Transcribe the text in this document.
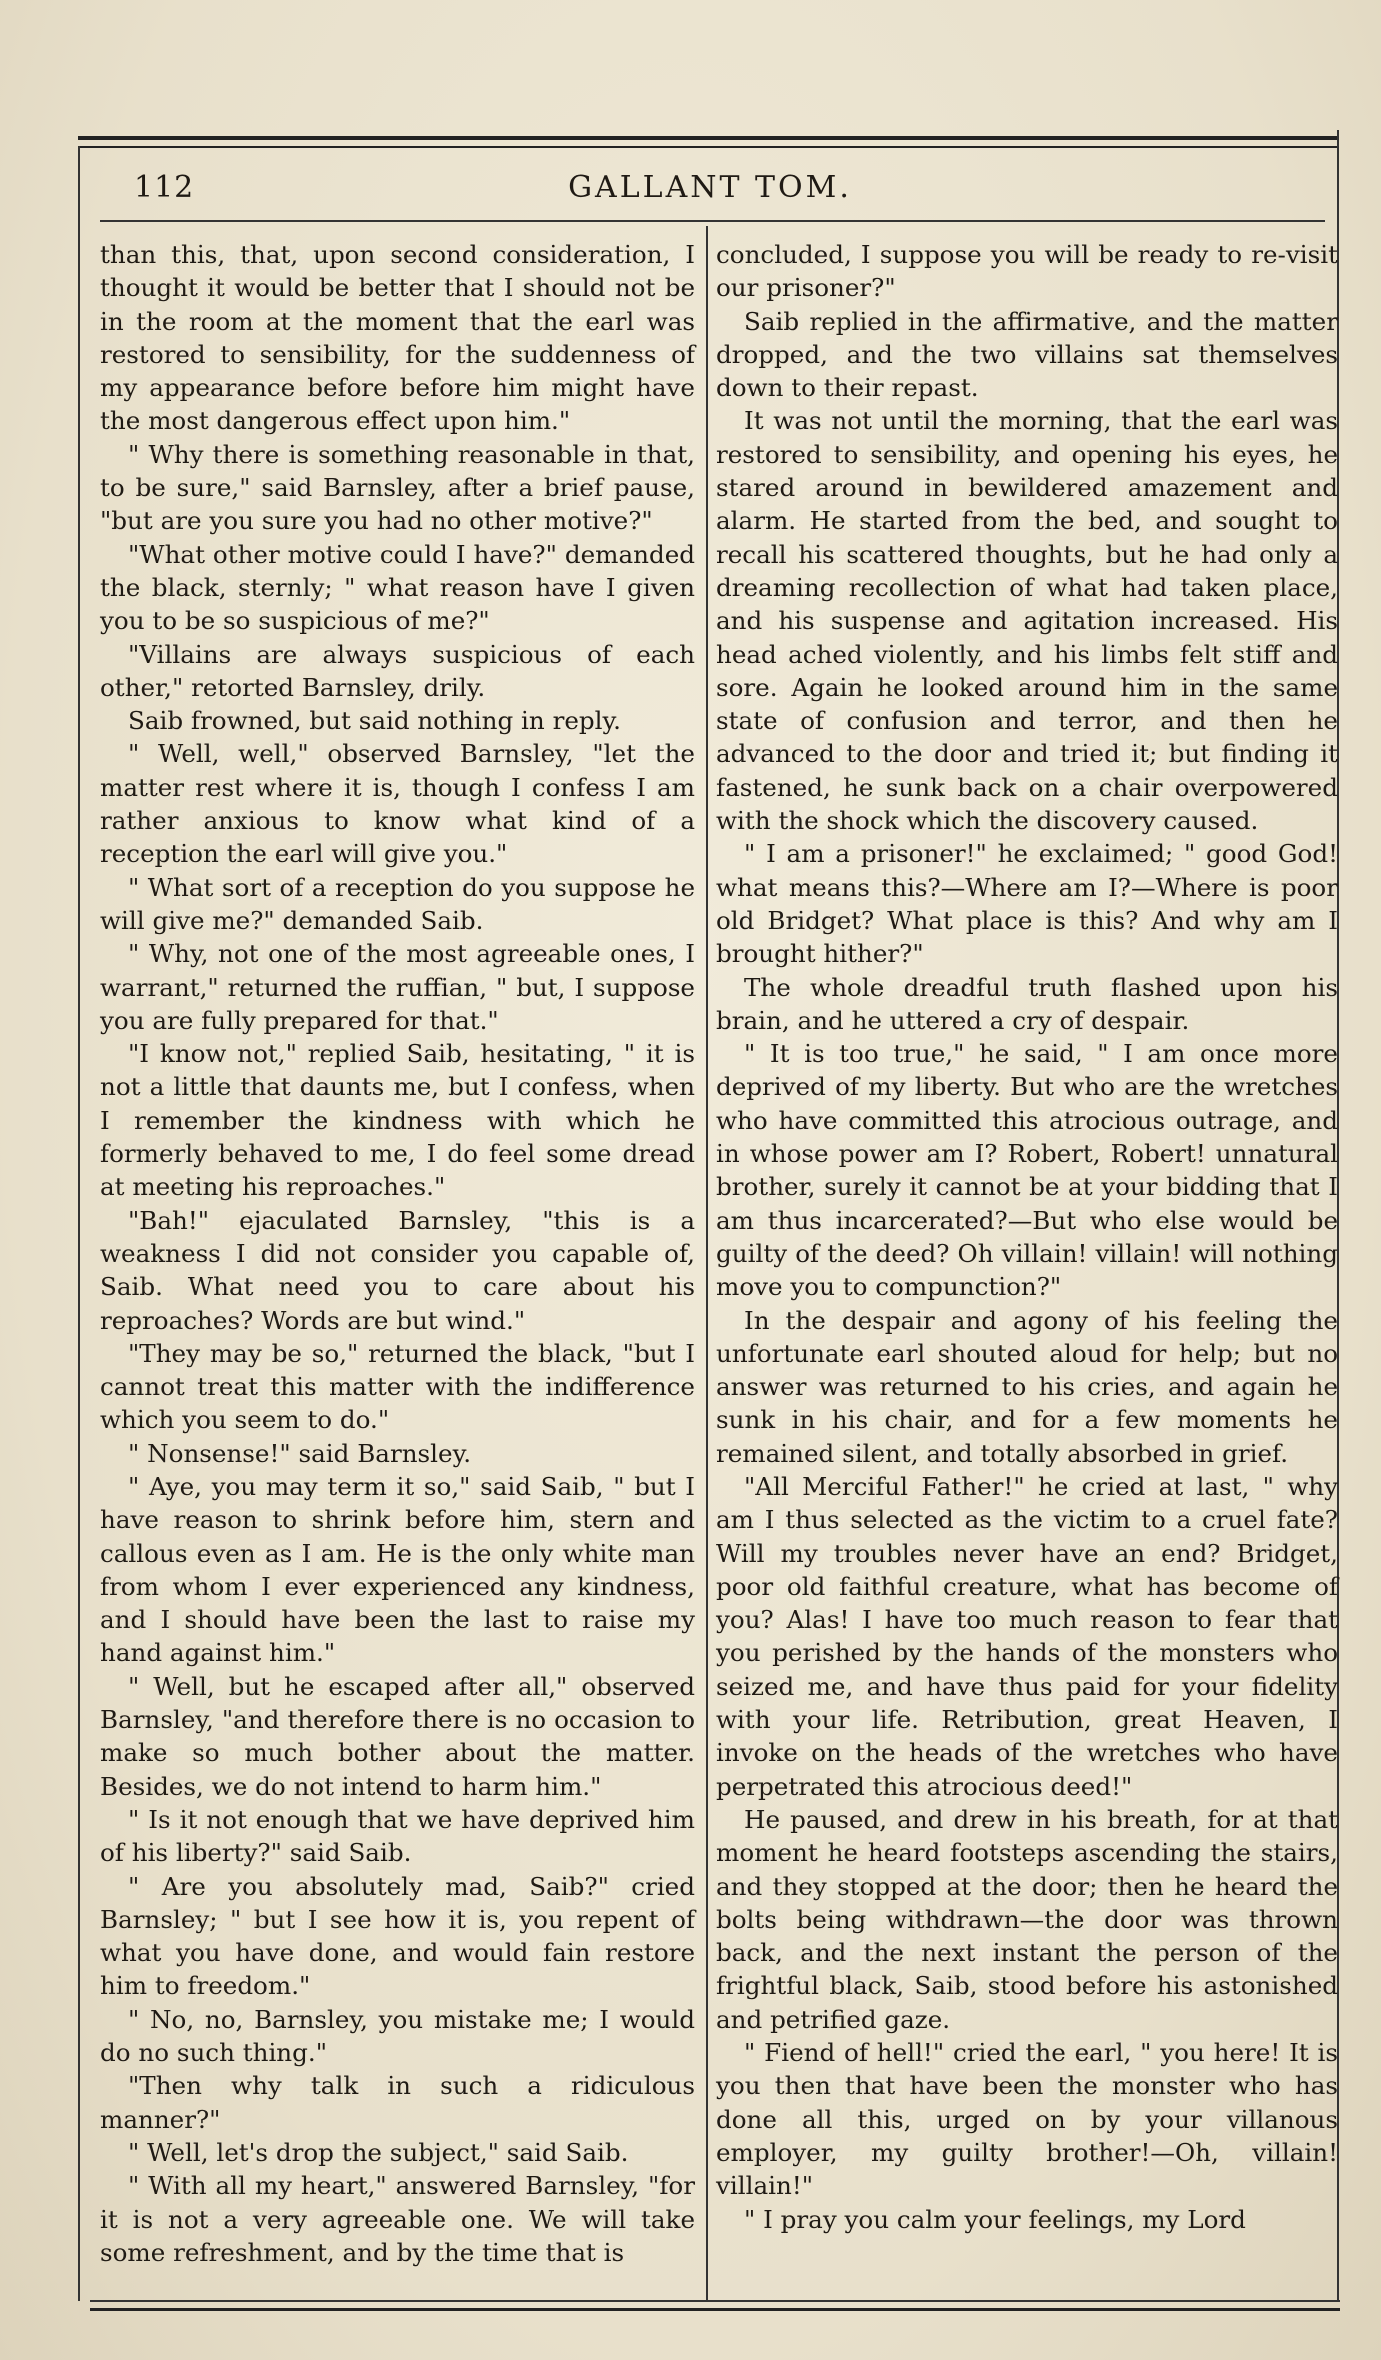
112	GALLANT TOM.

than this, that, upon second consideration, I thought it would be better that I should not be in the room at the moment that the earl was restored to sensibility, for the suddenness of my appearance before before him might have the most dangerous effect upon him."

" Why there is something reasonable in that, to be sure," said Barnsley, after a brief pause, "but are you sure you had no other motive?"

"What other motive could I have?" demanded the black, sternly; " what reason have I given you to be so suspicious of me?"

"Villains are always suspicious of each other," retorted Barnsley, drily.

Saib frowned, but said nothing in reply.

" Well, well," observed Barnsley, "let the matter rest where it is, though I confess I am rather anxious to know what kind of a reception the earl will give you."

" What sort of a reception do you suppose he will give me?" demanded Saib.

" Why, not one of the most agreeable ones, I warrant," returned the ruffian, " but, I suppose you are fully prepared for that."

"I know not," replied Saib, hesitating, " it is not a little that daunts me, but I confess, when I remember the kindness with which he formerly behaved to me, I do feel some dread at meeting his reproaches."

"Bah!" ejaculated Barnsley, "this is a weakness I did not consider you capable of, Saib. What need you to care about his reproaches? Words are but wind."

"They may be so," returned the black, "but I cannot treat this matter with the indifference which you seem to do."

" Nonsense!" said Barnsley.

" Aye, you may term it so," said Saib, " but I have reason to shrink before him, stern and callous even as I am. He is the only white man from whom I ever experienced any kindness, and I should have been the last to raise my hand against him."

" Well, but he escaped after all," observed Barnsley, "and therefore there is no occasion to make so much bother about the matter. Besides, we do not intend to harm him."

" Is it not enough that we have deprived him of his liberty?" said Saib.

" Are you absolutely mad, Saib?" cried Barnsley; " but I see how it is, you repent of what you have done, and would fain restore him to freedom."

" No, no, Barnsley, you mistake me; I would do no such thing."

"Then why talk in such a ridiculous manner?"

" Well, let's drop the subject," said Saib.

" With all my heart," answered Barnsley, "for it is not a very agreeable one. We will take some refreshment, and by the time that is

concluded, I suppose you will be ready to re-visit our prisoner?"

Saib replied in the affirmative, and the matter dropped, and the two villains sat themselves down to their repast.

It was not until the morning, that the earl was restored to sensibility, and opening his eyes, he stared around in bewildered amazement and alarm. He started from the bed, and sought to recall his scattered thoughts, but he had only a dreaming recollection of what had taken place, and his suspense and agitation increased. His head ached violently, and his limbs felt stiff and sore. Again he looked around him in the same state of confusion and terror, and then he advanced to the door and tried it; but finding it fastened, he sunk back on a chair overpowered with the shock which the discovery caused.

" I am a prisoner!" he exclaimed; " good God! what means this?—Where am I?—Where is poor old Bridget? What place is this? And why am I brought hither?"

The whole dreadful truth flashed upon his brain, and he uttered a cry of despair.

" It is too true," he said, " I am once more deprived of my liberty. But who are the wretches who have committed this atrocious outrage, and in whose power am I? Robert, Robert! unnatural brother, surely it cannot be at your bidding that I am thus incarcerated?—But who else would be guilty of the deed? Oh villain! villain! will nothing move you to compunction?"

In the despair and agony of his feeling the unfortunate earl shouted aloud for help; but no answer was returned to his cries, and again he sunk in his chair, and for a few moments he remained silent, and totally absorbed in grief.

"All Merciful Father!" he cried at last, " why am I thus selected as the victim to a cruel fate? Will my troubles never have an end? Bridget, poor old faithful creature, what has become of you? Alas! I have too much reason to fear that you perished by the hands of the monsters who seized me, and have thus paid for your fidelity with your life. Retribution, great Heaven, I invoke on the heads of the wretches who have perpetrated this atrocious deed!"

He paused, and drew in his breath, for at that moment he heard footsteps ascending the stairs, and they stopped at the door; then he heard the bolts being withdrawn—the door was thrown back, and the next instant the person of the frightful black, Saib, stood before his astonished and petrified gaze.

" Fiend of hell!" cried the earl, " you here! It is you then that have been the monster who has done all this, urged on by your villanous employer, my guilty brother!—Oh, villain! villain!"

" I pray you calm your feelings, my Lord
